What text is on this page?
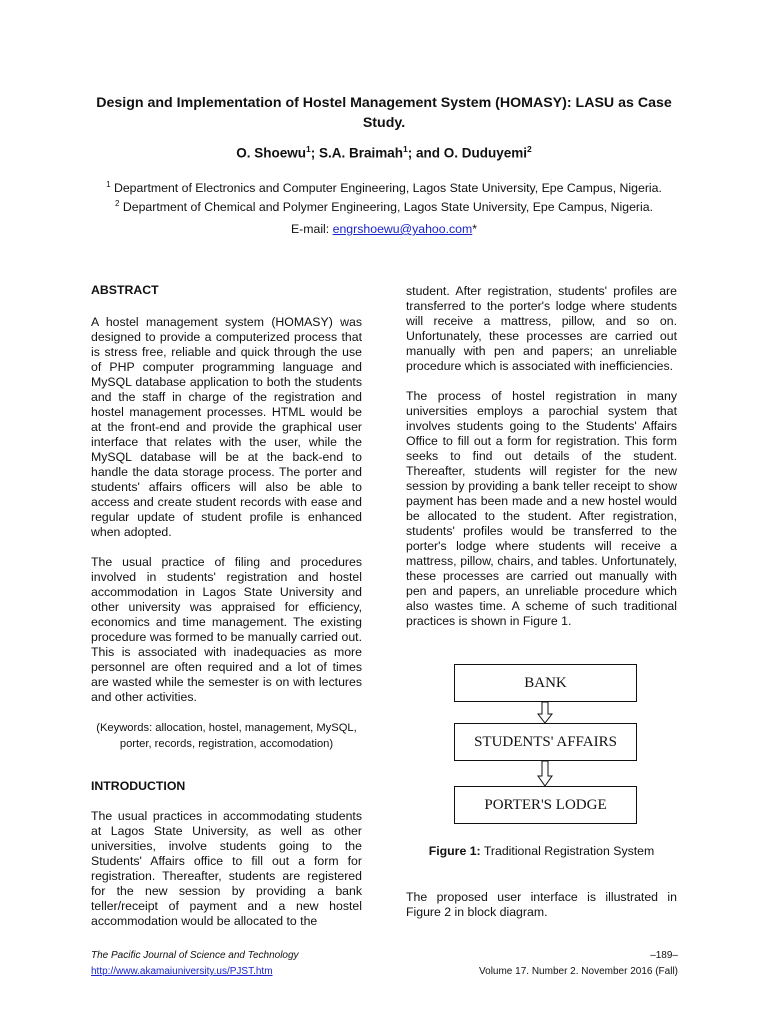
Design and Implementation of Hostel Management System (HOMASY): LASU as Case Study.
O. Shoewu$^1$; S.A. Braimah$^1$; and O. Duduyemi$^2$
$^1$ Department of Electronics and Computer Engineering, Lagos State University, Epe Campus, Nigeria.
$^2$ Department of Chemical and Polymer Engineering, Lagos State University, Epe Campus, Nigeria.
E-mail: engrshoewu@yahoo.com*

ABSTRACT

A hostel management system (HOMASY) was designed to provide a computerized process that is stress free, reliable and quick through the use of PHP computer programming language and MySQL database application to both the students and the staff in charge of the registration and hostel management processes. HTML would be at the front-end and provide the graphical user interface that relates with the user, while the MySQL database will be at the back-end to handle the data storage process. The porter and students' affairs officers will also be able to access and create student records with ease and regular update of student profile is enhanced when adopted.

The usual practice of filing and procedures involved in students' registration and hostel accommodation in Lagos State University and other university was appraised for efficiency, economics and time management. The existing procedure was formed to be manually carried out. This is associated with inadequacies as more personnel are often required and a lot of times are wasted while the semester is on with lectures and other activities.

(Keywords: allocation, hostel, management, MySQL, porter, records, registration, accomodation)

INTRODUCTION

The usual practices in accommodating students at Lagos State University, as well as other universities, involve students going to the Students' Affairs office to fill out a form for registration. Thereafter, students are registered for the new session by providing a bank teller/receipt of payment and a new hostel accommodation would be allocated to the

student. After registration, students' profiles are transferred to the porter's lodge where students will receive a mattress, pillow, and so on. Unfortunately, these processes are carried out manually with pen and papers; an unreliable procedure which is associated with inefficiencies.

The process of hostel registration in many universities employs a parochial system that involves students going to the Students' Affairs Office to fill out a form for registration. This form seeks to find out details of the student. Thereafter, students will register for the new session by providing a bank teller receipt to show payment has been made and a new hostel would be allocated to the student. After registration, students' profiles would be transferred to the porter's lodge where students will receive a mattress, pillow, chairs, and tables. Unfortunately, these processes are carried out manually with pen and papers, an unreliable procedure which also wastes time. A scheme of such traditional practices is shown in Figure 1.

BANK
STUDENTS' AFFAIRS
PORTER'S LODGE
Figure 1: Traditional Registration System

The proposed user interface is illustrated in Figure 2 in block diagram.

The Pacific Journal of Science and Technology
http://www.akamaiuniversity.us/PJST.htm
–189–
Volume 17. Number 2. November 2016 (Fall)
